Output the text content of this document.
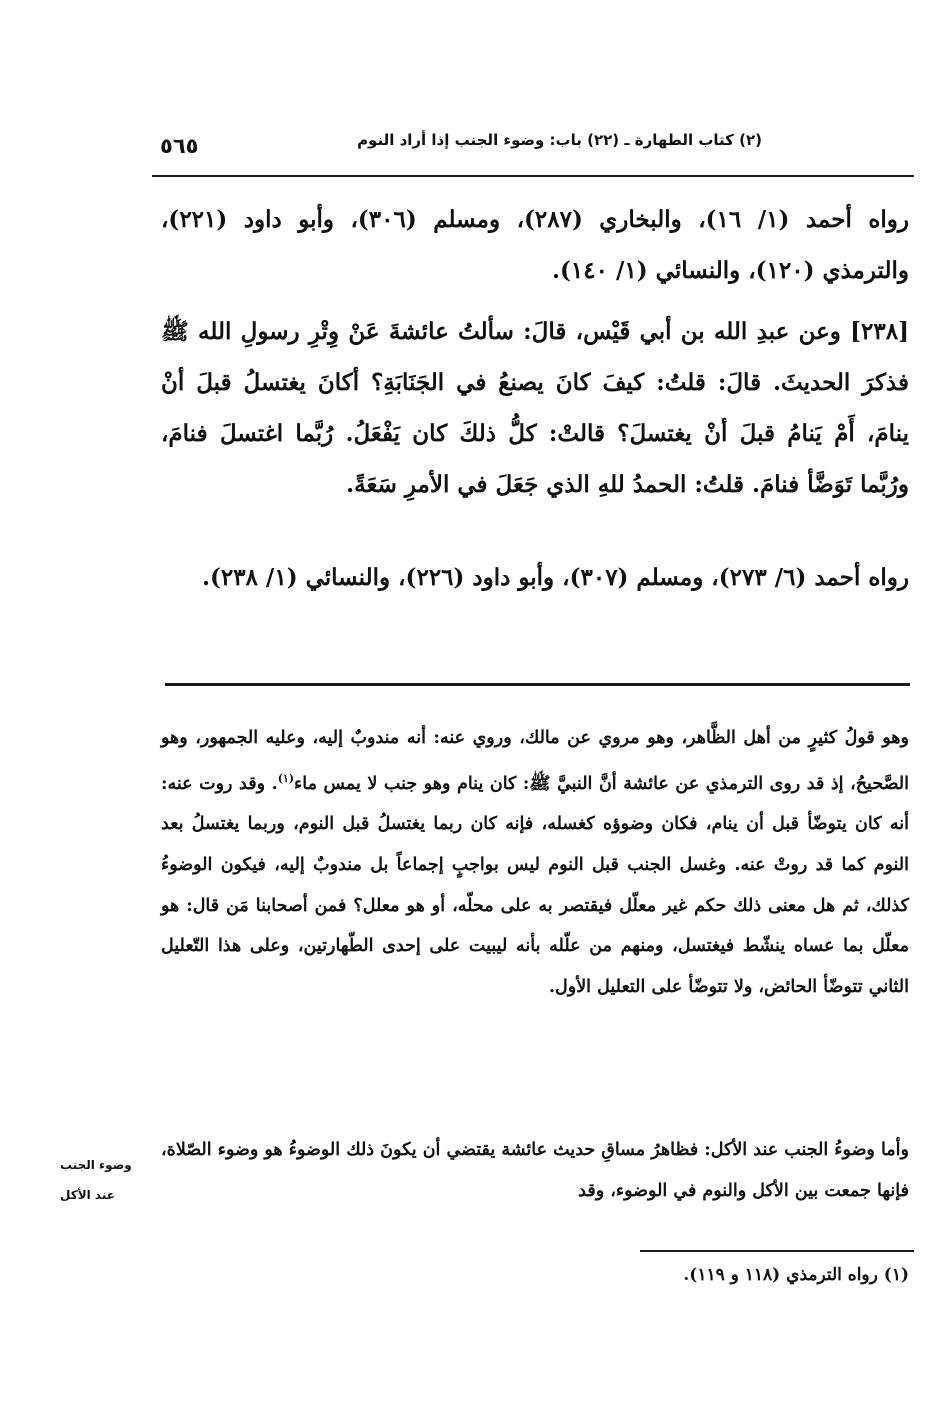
(٢) كتاب الطهارة ـ (٢٢) باب: وضوء الجنب إذا أراد النوم
٥٦٥

رواه أحمد (١/ ١٦)، والبخاري (٢٨٧)، ومسلم (٣٠٦)، وأبو داود (٢٢١)، والترمذي (١٢٠)، والنسائي (١/ ١٤٠).

[٢٣٨] وعن عبدِ الله بن أبي قَيْس، قالَ: سألتُ عائشةَ عَنْ وِتْرِ رسولِ الله ﷺ فذكرَ الحديثَ. قالَ: قلتُ: كيفَ كانَ يصنعُ في الجَنَابَةِ؟ أكانَ يغتسلُ قبلَ أنْ ينامَ، أَمْ يَنامُ قبلَ أنْ يغتسلَ؟ قالتْ: كلُّ ذلكَ كان يَفْعَلُ. رُبَّما اغتسلَ فنامَ، ورُبَّما تَوَضَّأ فنامَ. قلتُ: الحمدُ للهِ الذي جَعَلَ في الأمرِ سَعَةً.

رواه أحمد (٦/ ٢٧٣)، ومسلم (٣٠٧)، وأبو داود (٢٢٦)، والنسائي (١/ ٢٣٨).

وهو قولُ كثيرٍ من أهل الظَّاهر، وهو مروي عن مالك، وروي عنه: أنه مندوبٌ إليه، وعليه الجمهور، وهو الصَّحيحُ، إذ قد روى الترمذي عن عائشة أنَّ النبيَّ ﷺ: كان ينام وهو جنب لا يمس ماء$^{(١)}$. وقد روت عنه: أنه كان يتوضّأ قبل أن ينام، فكان وضوؤه كغسله، فإنه كان ربما يغتسلُ قبل النوم، وربما يغتسلُ بعد النوم كما قد روتْ عنه. وغسل الجنب قبل النوم ليس بواجبٍ إجماعاً بل مندوبٌ إليه، فيكون الوضوءُ كذلك، ثم هل معنى ذلك حكم غير معلّل فيقتصر به على محلّه، أو هو معلل؟ فمن أصحابنا مَن قال: هو معلّل بما عساه ينشّط فيغتسل، ومنهم من علّله بأنه ليبيت على إحدى الطّهارتين، وعلى هذا التّعليل الثاني تتوضّأ الحائض، ولا تتوضّأ على التعليل الأول.

وأما وضوءُ الجنب عند الأكل: فظاهرُ مساقِ حديث عائشة يقتضي أن يكونَ ذلك الوضوءُ هو وضوء الصّلاة، فإنها جمعت بين الأكل والنوم في الوضوء، وقد

وضوء الجنب
عند الأكل
(١) رواه الترمذي (١١٨ و ١١٩).
